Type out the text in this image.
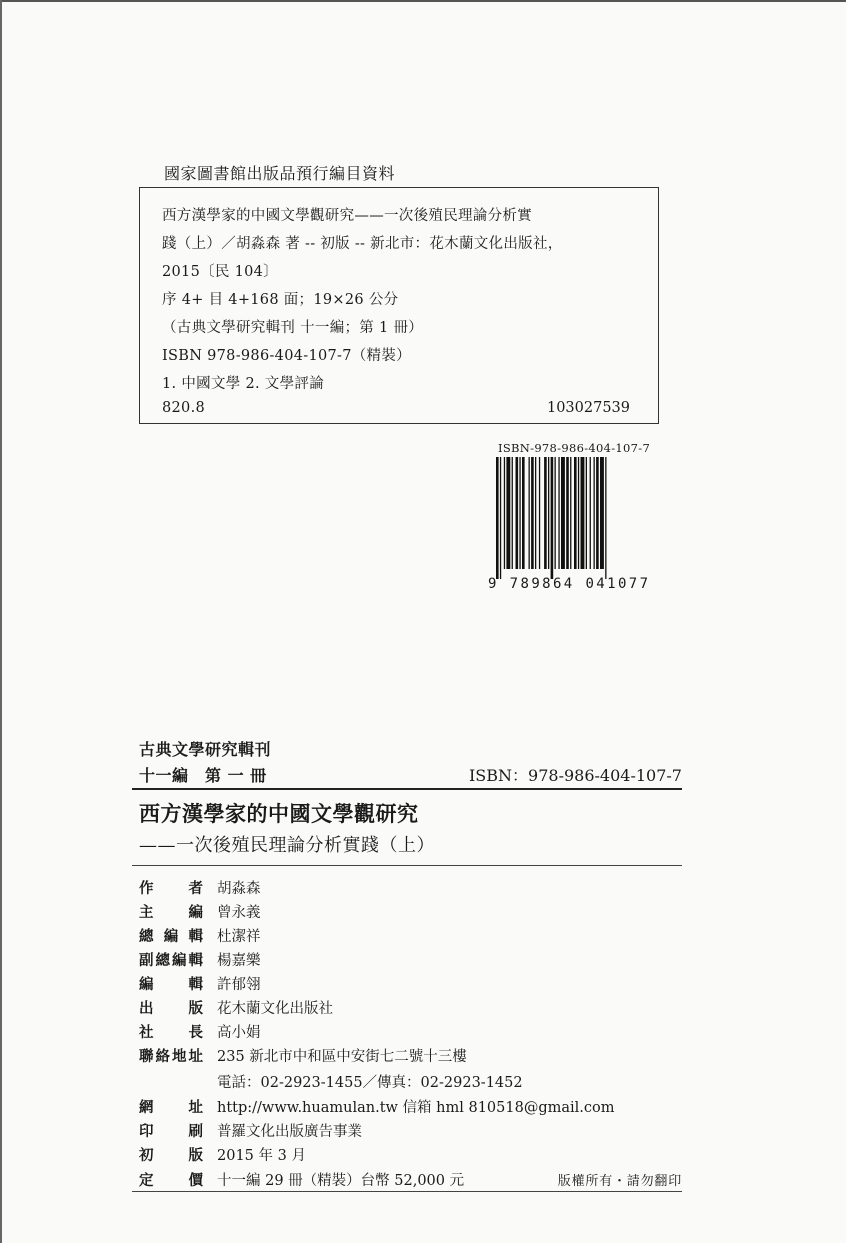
國家圖書館出版品預行編目資料
西方漢學家的中國文學觀研究——一次後殖民理論分析實
踐（上）／胡淼森 著 -- 初版 -- 新北市：花木蘭文化出版社，
2015〔民 104〕
序 4+ 目 4+168 面；19×26 公分
（古典文學研究輯刊 十一編；第 1 冊）
ISBN 978-986-404-107-7（精裝）
1. 中國文學 2. 文學評論
820.8	103027539
ISBN-978-986-404-107-7
9 789864 041077
古典文學研究輯刊
十一編　第 一 冊	ISBN：978-986-404-107-7
西方漢學家的中國文學觀研究
——一次後殖民理論分析實踐（上）
作者 胡淼森
主編 曾永義
總編輯 杜潔祥
副總編輯 楊嘉樂
編輯 許郁翎
出版 花木蘭文化出版社
社長 高小娟
聯絡地址 235 新北市中和區中安街七二號十三樓
電話：02-2923-1455／傳真：02-2923-1452
網址 http://www.huamulan.tw 信箱 hml 810518@gmail.com
印刷 普羅文化出版廣告事業
初版 2015 年 3 月
定價 十一編 29 冊（精裝）台幣 52,000 元	版權所有・請勿翻印
